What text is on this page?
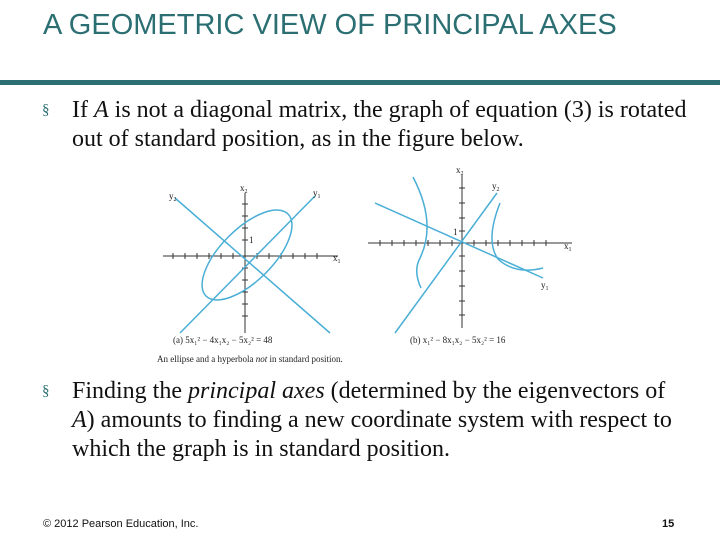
A GEOMETRIC VIEW OF PRINCIPAL AXES
§ If A is not a diagonal matrix, the graph of equation (3) is rotated out of standard position, as in the figure below.
$y_2$
$x_2$	$y_1$
$x_1$
1
$x_2$
$y_2$
$x_1$
$y_1$
1
(a) 5x₁² − 4x₁x₂ − 5x₂² = 48	(b) x₁² − 8x₁x₂ − 5x₂² = 16
An ellipse and a hyperbola not in standard position.
§ Finding the principal axes (determined by the eigenvectors of A) amounts to finding a new coordinate system with respect to which the graph is in standard position.
© 2012 Pearson Education, Inc.	15
